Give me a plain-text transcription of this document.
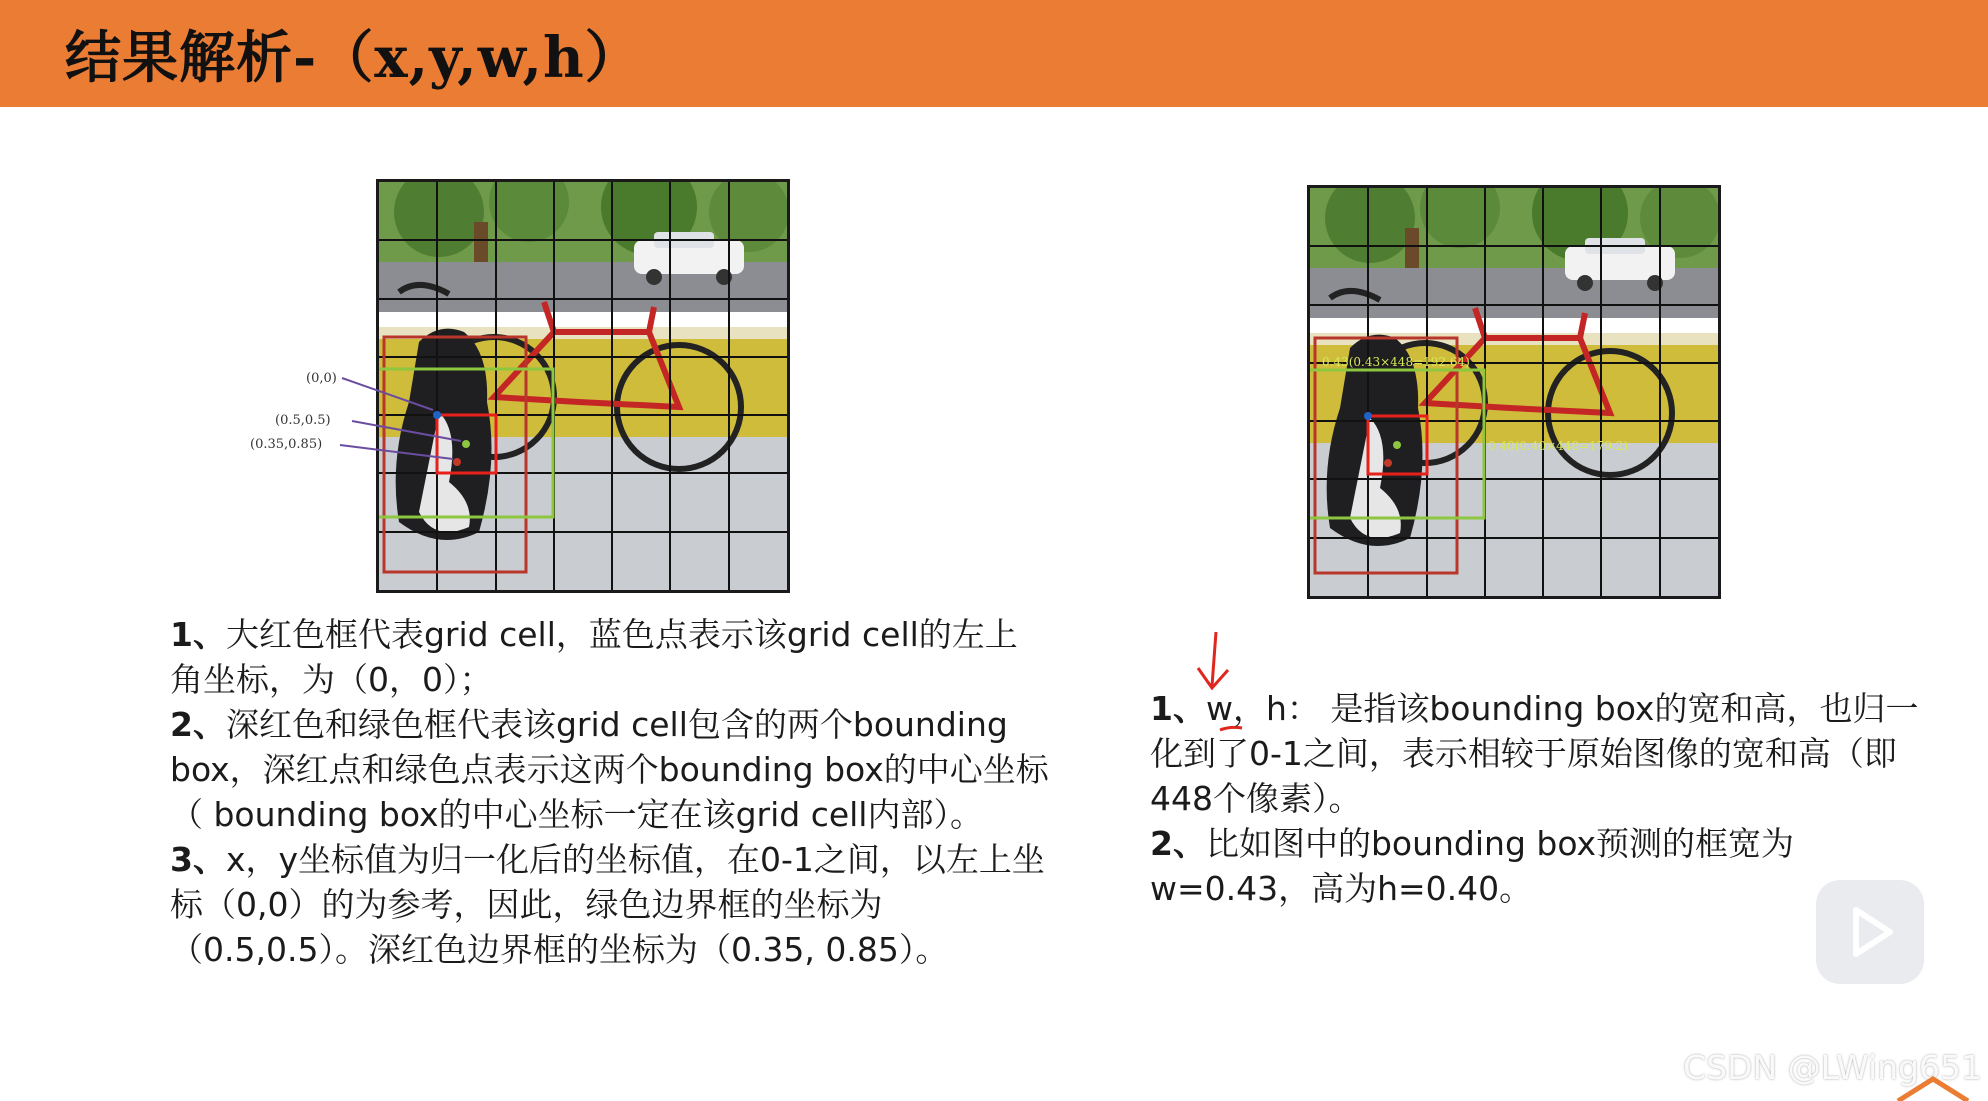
结果解析-（x,y,w,h）
(0,0)
(0.5,0.5)
(0.35,0.85)
0.43(0.43×448=192.64)
0.40(0.40×448=179.2)

1、大红色框代表grid cell，蓝色点表示该grid cell的左上角坐标，为（0，0）；

2、深红色和绿色框代表该grid cell包含的两个bounding box，深红点和绿色点表示这两个bounding box的中心坐标（ bounding box的中心坐标一定在该grid cell内部）。

3、x，y坐标值为归一化后的坐标值，在0-1之间，以左上坐标（0,0）的为参考，因此，绿色边界框的坐标为（0.5,0.5）。深红色边界框的坐标为（0.35, 0.85）。

1、w，h： 是指该bounding box的宽和高，也归一化到了0-1之间，表示相较于原始图像的宽和高（即448个像素）。

2、比如图中的bounding box预测的框宽为w=0.43，高为h=0.40。

CSDN @LWing651
